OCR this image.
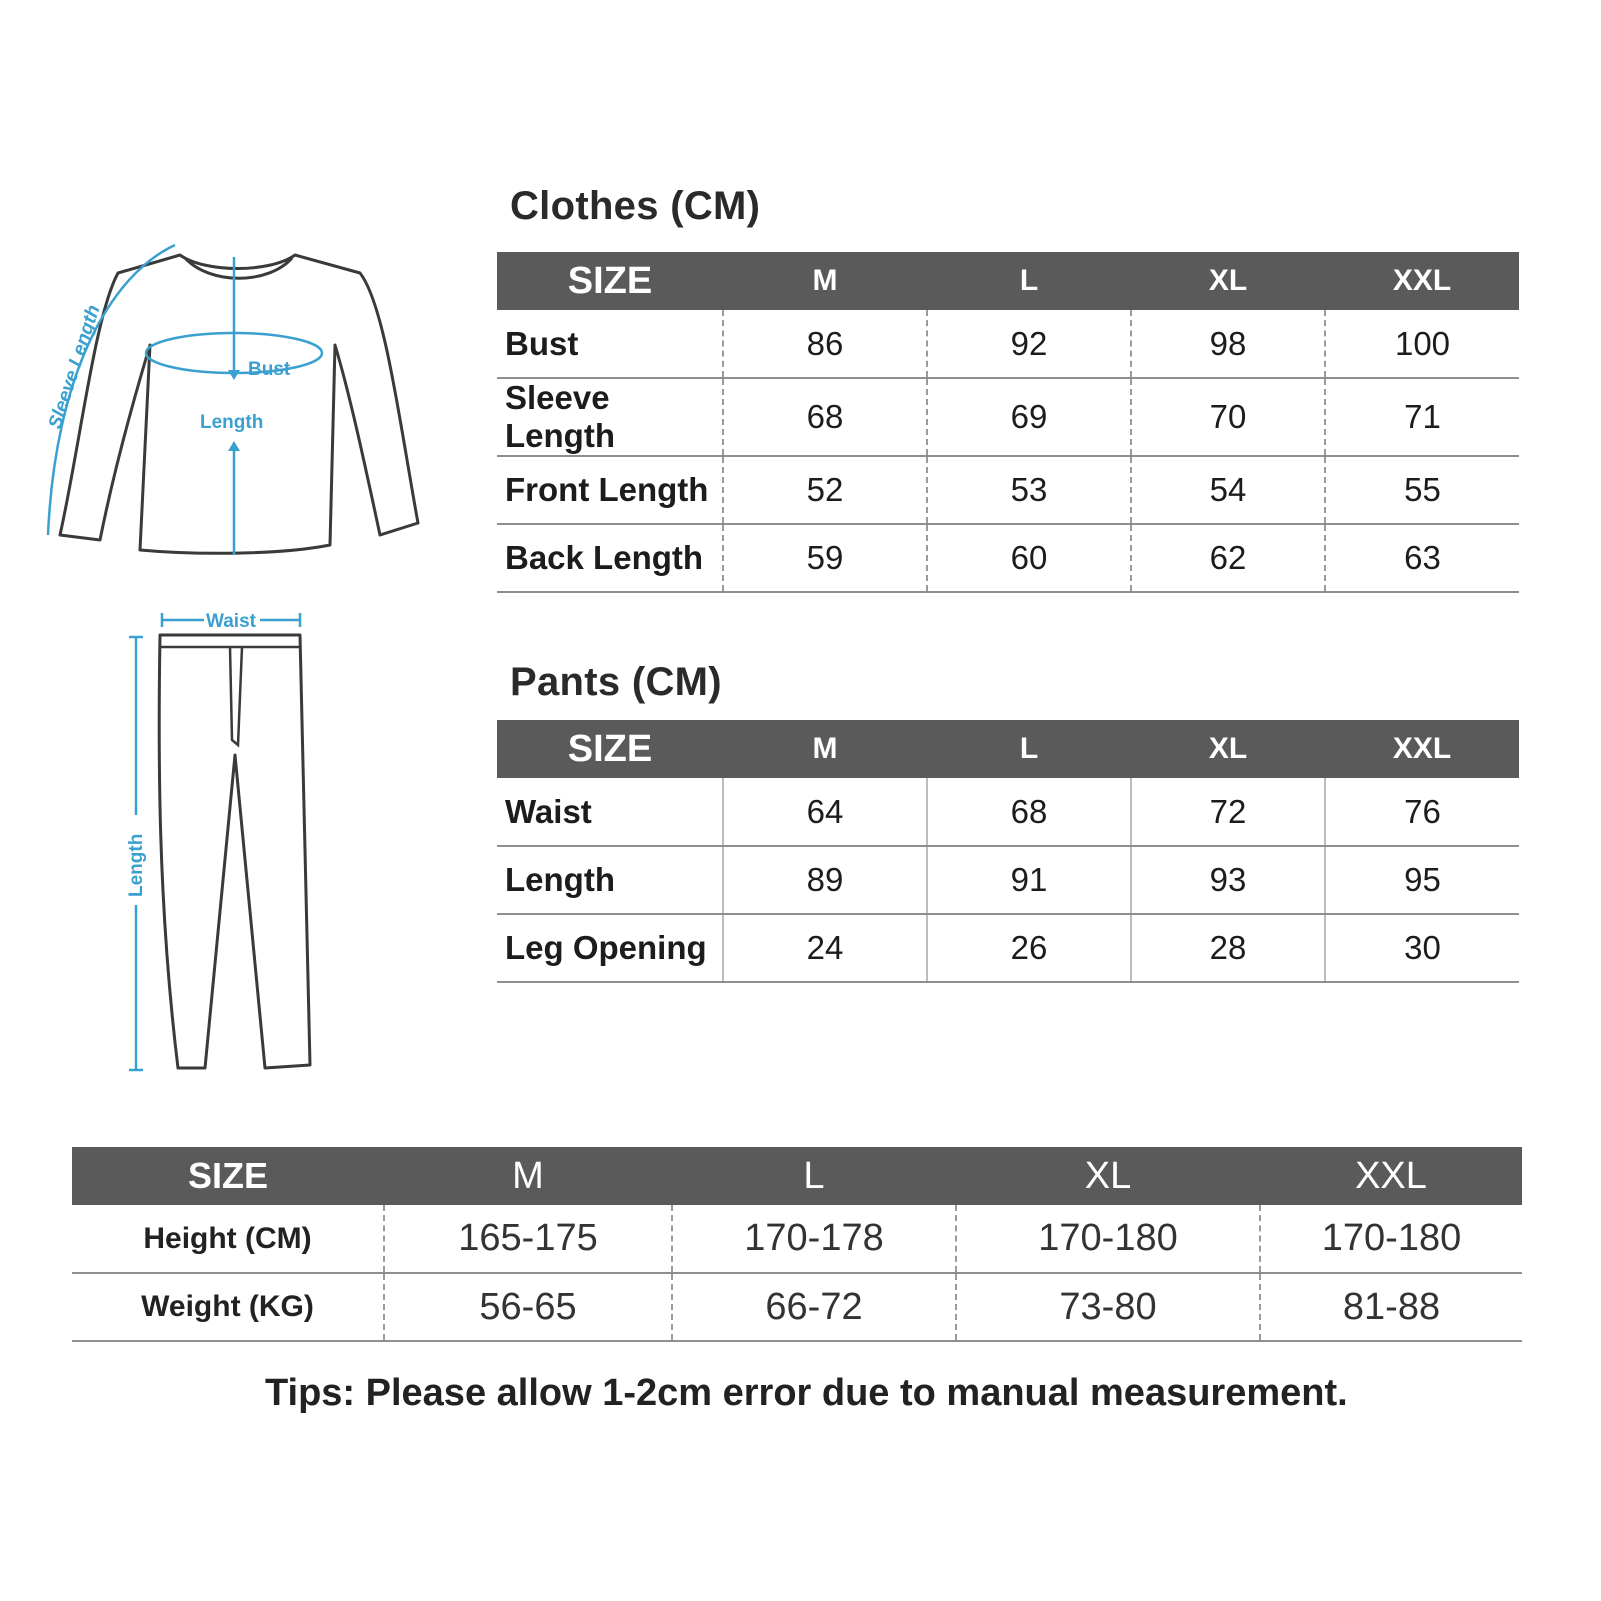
Bust
Length
Sleeve Length
Waist
Length
Clothes (CM)
SIZE	M	L	XL	XXL
Bust	86	92	98	100
Sleeve Length	68	69	70	71
Front Length	52	53	54	55
Back Length	59	60	62	63
Pants (CM)
SIZE	M	L	XL	XXL
Waist	64	68	72	76
Length	89	91	93	95
Leg Opening	24	26	28	30
SIZE	M	L	XL	XXL
Height (CM)	165-175	170-178	170-180	170-180
Weight (KG)	56-65	66-72	73-80	81-88
Tips: Please allow 1-2cm error due to manual measurement.
